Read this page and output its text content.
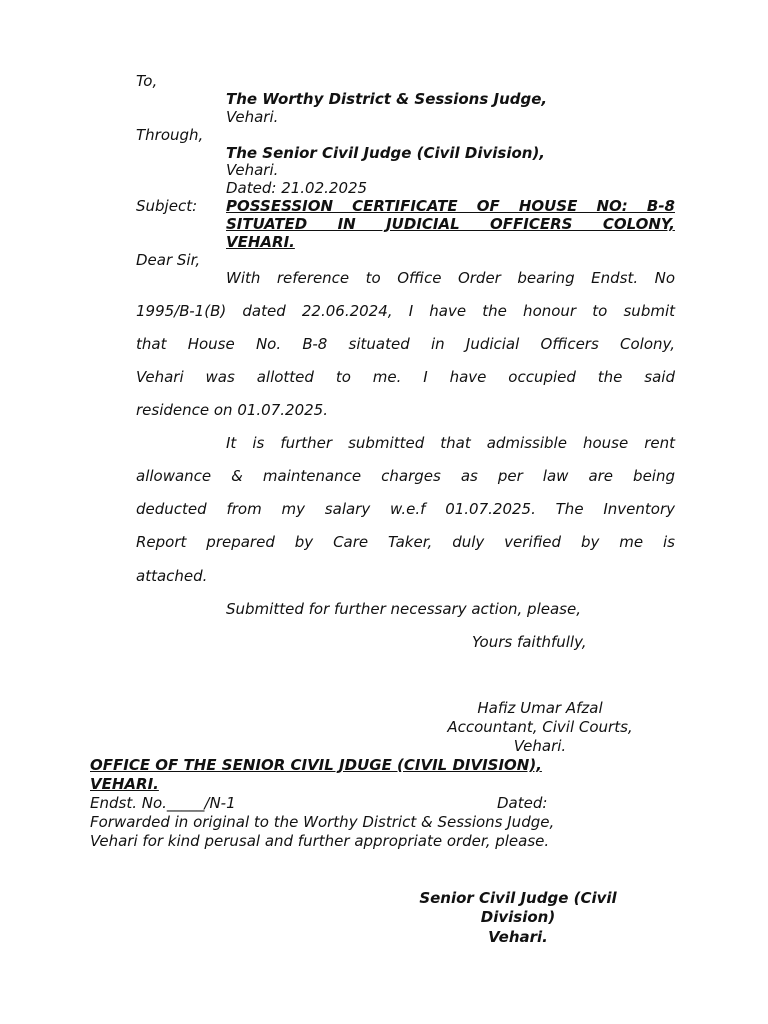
To,
The Worthy District & Sessions Judge,
Vehari.
Through,
The Senior Civil Judge (Civil Division),
Vehari.
Dated: 21.02.2025
Subject: POSSESSION CERTIFICATE OF HOUSE NO: B-8
SITUATED IN JUDICIAL OFFICERS COLONY,
VEHARI.
Dear Sir,
With reference to Office Order bearing Endst. No
1995/B-1(B) dated 22.06.2024, I have the honour to submit
that House No. B-8 situated in Judicial Officers Colony,
Vehari was allotted to me. I have occupied the said
residence on 01.07.2025.
It is further submitted that admissible house rent
allowance & maintenance charges as per law are being
deducted from my salary w.e.f 01.07.2025. The Inventory
Report prepared by Care Taker, duly verified by me is
attached.
Submitted for further necessary action, please,
Yours faithfully,
Hafiz Umar Afzal
Accountant, Civil Courts,
Vehari.
OFFICE OF THE SENIOR CIVIL JDUGE (CIVIL DIVISION),
VEHARI.
Endst. No._____/N-1	Dated:
Forwarded in original to the Worthy District & Sessions Judge,
Vehari for kind perusal and further appropriate order, please.
Senior Civil Judge (Civil
Division)
Vehari.
